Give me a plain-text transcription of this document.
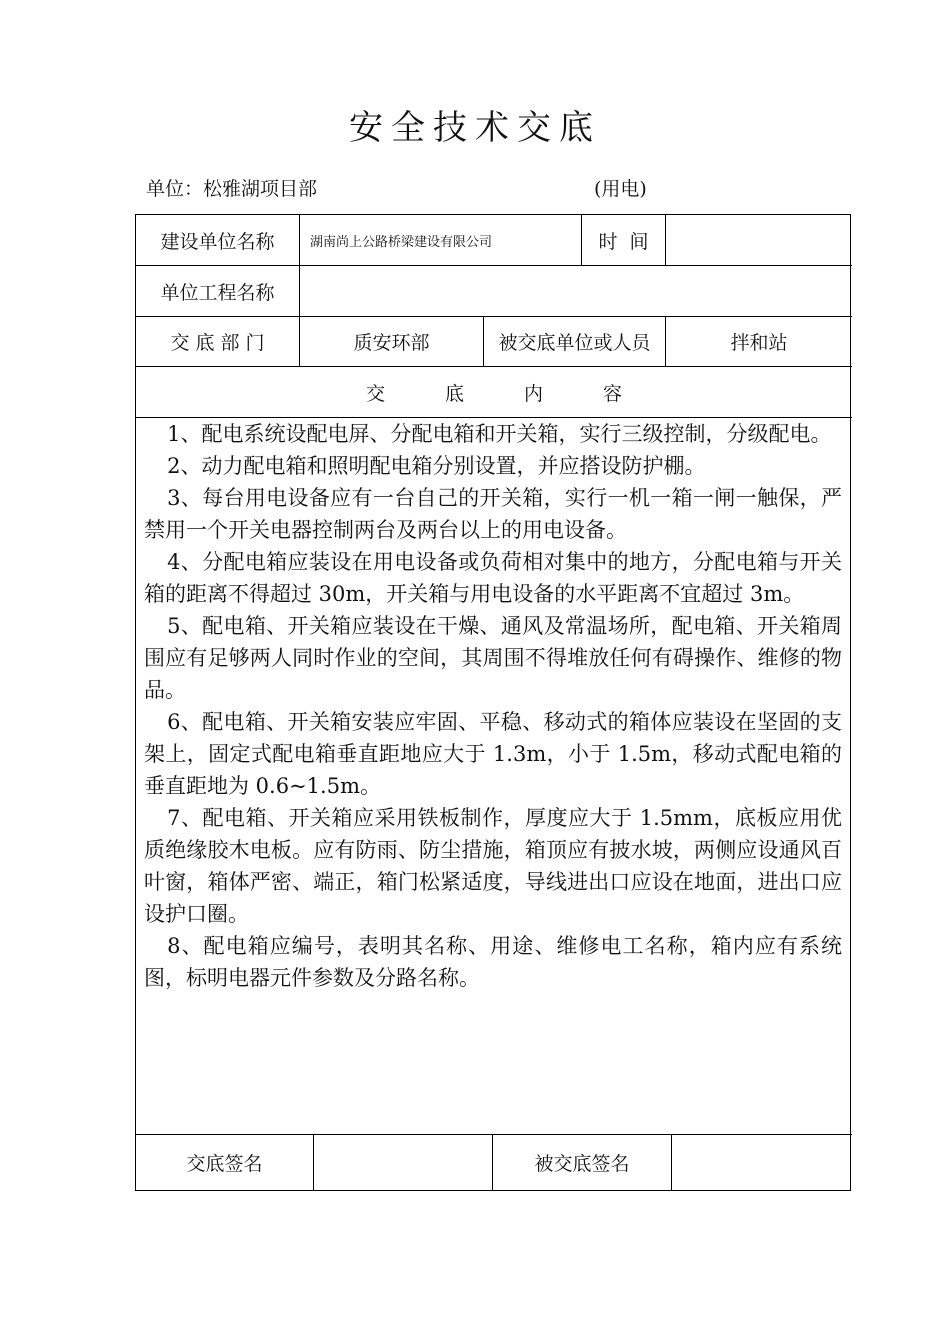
安全技术交底
单位：松雅湖项目部	(用电)
建设单位名称	湖南尚上公路桥梁建设有限公司	时  间
单位工程名称
交 底 部 门	质安环部	被交底单位或人员	拌和站
交底内容

1、配电系统设配电屏、分配电箱和开关箱，实行三级控制，分级配电。

2、动力配电箱和照明配电箱分别设置，并应搭设防护棚。

3、每台用电设备应有一台自己的开关箱，实行一机一箱一闸一触保，严禁用一个开关电器控制两台及两台以上的用电设备。

4、分配电箱应装设在用电设备或负荷相对集中的地方，分配电箱与开关箱的距离不得超过 30m，开关箱与用电设备的水平距离不宜超过 3m。

5、配电箱、开关箱应装设在干燥、通风及常温场所，配电箱、开关箱周围应有足够两人同时作业的空间，其周围不得堆放任何有碍操作、维修的物品。

6、配电箱、开关箱安装应牢固、平稳、移动式的箱体应装设在坚固的支架上，固定式配电箱垂直距地应大于 1.3m，小于 1.5m，移动式配电箱的垂直距地为 0.6~1.5m。

7、配电箱、开关箱应采用铁板制作，厚度应大于 1.5mm，底板应用优质绝缘胶木电板。应有防雨、防尘措施，箱顶应有披水坡，两侧应设通风百叶窗，箱体严密、端正，箱门松紧适度，导线进出口应设在地面，进出口应设护口圈。

8、配电箱应编号，表明其名称、用途、维修电工名称，箱内应有系统图，标明电器元件参数及分路名称。

交底签名	被交底签名
